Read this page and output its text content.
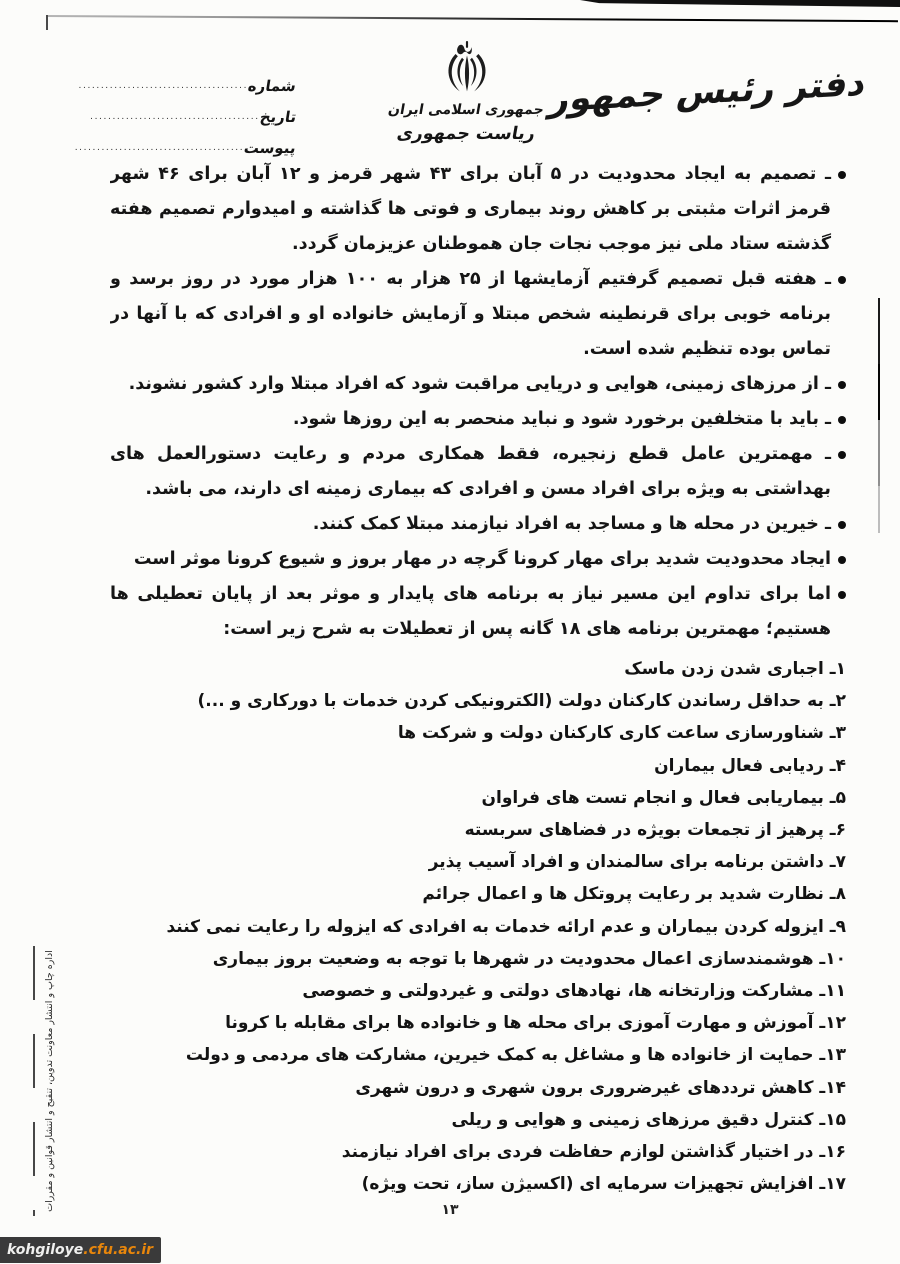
دفتر رئیس جمهور
جمهوری اسلامی ایران
ریاست جمهوری
شماره
......................................
تاریخ
......................................
پیوست
......................................

ـ تصمیم به ایجاد محدودیت در ۵ آبان برای ۴۳ شهر قرمز و ۱۲ آبان برای ۴۶ شهر قرمز اثرات مثبتی بر کاهش روند بیماری و فوتی ها گذاشته و امیدوارم تصمیم هفته گذشته ستاد ملی نیز موجب نجات جان هموطنان عزیزمان گردد.

ـ هفته قبل تصمیم گرفتیم آزمایشها از ۲۵ هزار به ۱۰۰ هزار مورد در روز برسد و برنامه خوبی برای قرنطینه شخص مبتلا و آزمایش خانواده او و افرادی که با آنها در تماس بوده تنظیم شده است.

ـ از مرزهای زمینی، هوایی و دریایی مراقبت شود که افراد مبتلا وارد کشور نشوند.

ـ باید با متخلفین برخورد شود و نباید منحصر به این روزها شود.

ـ مهمترین عامل قطع زنجیره، فقط همکاری مردم و رعایت دستورالعمل های بهداشتی به ویژه برای افراد مسن و افرادی که بیماری زمینه ای دارند، می باشد.

ـ خیرین در محله ها و مساجد به افراد نیازمند مبتلا کمک کنند.

ایجاد محدودیت شدید برای مهار کرونا گرچه در مهار بروز و شیوع کرونا موثر است

اما برای تداوم این مسیر نیاز به برنامه های پایدار و موثر بعد از پایان تعطیلی ها هستیم؛ مهمترین برنامه های ۱۸ گانه پس از تعطیلات به شرح زیر است:

۱ـ اجباری شدن زدن ماسک

۲ـ به حداقل رساندن کارکنان دولت (الکترونیکی کردن خدمات با دورکاری و ...)

۳ـ شناورسازی ساعت کاری کارکنان دولت و شرکت ها

۴ـ ردیابی فعال بیماران

۵ـ بیماریابی فعال و انجام تست های فراوان

۶ـ پرهیز از تجمعات بویژه در فضاهای سربسته

۷ـ داشتن برنامه برای سالمندان و افراد آسیب پذیر

۸ـ نظارت شدید بر رعایت پروتکل ها و اعمال جرائم

۹ـ ایزوله کردن بیماران و عدم ارائه خدمات به افرادی که ایزوله را رعایت نمی کنند

۱۰ـ هوشمندسازی اعمال محدودیت در شهرها با توجه به وضعیت بروز بیماری

۱۱ـ مشارکت وزارتخانه ها، نهادهای دولتی و غیردولتی و خصوصی

۱۲ـ آموزش و مهارت آموزی برای محله ها و خانواده ها برای مقابله با کرونا

۱۳ـ حمایت از خانواده ها و مشاغل به کمک خیرین، مشارکت های مردمی و دولت

۱۴ـ کاهش ترددهای غیرضروری برون شهری و درون شهری

۱۵ـ کنترل دقیق مرزهای زمینی و هوایی و ریلی

۱۶ـ در اختیار گذاشتن لوازم حفاظت فردی برای افراد نیازمند

۱۷ـ افزایش تجهیزات سرمایه ای (اکسیژن ساز، تحت ویژه)

۱۳
اداره چاپ و انتشار معاونت تدوین، تنقیح و انتشار قوانین و مقررات
kohgiloye .cfu.ac.ir
